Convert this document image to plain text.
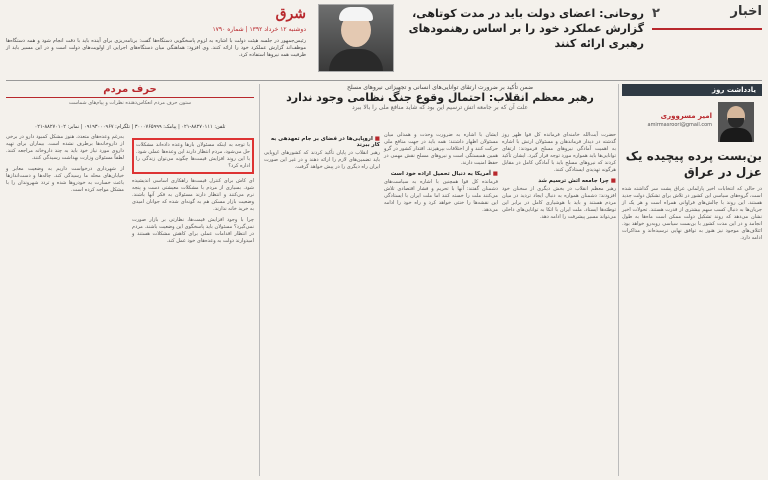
اخبار
۲
روحانی: اعضای دولت باید در مدت کوتاهی، گزارش عملکرد خود را بر اساس رهنمودهای رهبری ارائه کنند
شرق
دوشنبه ۱۲ خرداد ۱۳۹۲ | شماره ۱۷۹۰
رئیس‌جمهور در جلسه هیئت دولت با اشاره به لزوم پاسخگویی دستگاه‌ها گفت: برنامه‌ریزی برای آینده باید با دقت انجام شود و همه دستگاه‌ها موظف‌اند گزارش عملکرد خود را ارائه کنند. وی افزود: هماهنگی میان دستگاه‌های اجرایی از اولویت‌های دولت است و در این مسیر باید از ظرفیت همه نیروها استفاده کرد.
یادداشت روز
امیر مسرووری
amirmasroori@gmail.com
بن‌بست پرده پیچیده یک عزل در عراق
در حالی که انتخابات اخیر پارلمانی عراق پشت سر گذاشته شده است، گروه‌های سیاسی این کشور در تلاش برای تشکیل دولت جدید هستند. این روند با چالش‌های فراوانی همراه است و هر یک از جریان‌ها به دنبال کسب سهم بیشتری از قدرت هستند. تحولات اخیر نشان می‌دهد که روند تشکیل دولت ممکن است ماه‌ها به طول انجامد و در این مدت کشور با بن‌بست سیاسی روبه‌رو خواهد بود. ائتلاف‌های موجود نیز هنوز به توافق نهایی نرسیده‌اند و مذاکرات ادامه دارد.
ضمن تأکید بر ضرورت ارتقای توانایی‌های انسانی و تجهیزاتی نیروهای مسلح
رهبر معظم انقلاب: احتمال وقوع جنگ نظامی وجود ندارد
علت آن که بر جامعه اتش ترسیم این بود که شاید منافع ملی را بالا ببرد
حضرت آیت‌الله خامنه‌ای فرمانده کل قوا ظهر روز گذشته در دیدار فرماندهان و مسئولان ارتش با اشاره به اهمیت آمادگی نیروهای مسلح فرمودند: ارتقای توانایی‌ها باید همواره مورد توجه قرار گیرد. ایشان تأکید کردند که نیروهای مسلح باید با آمادگی کامل در مقابل هرگونه تهدیدی ایستادگی کنند.
■ چرا جامعه اتش ترسیم شد
رهبر معظم انقلاب در بخش دیگری از سخنان خود افزودند: دشمنان همواره به دنبال ایجاد تردید در میان مردم هستند و باید با هوشیاری کامل در برابر این توطئه‌ها ایستاد. ملت ایران با اتکا به توانایی‌های داخلی می‌تواند مسیر پیشرفت را ادامه دهد.
ایشان با اشاره به ضرورت وحدت و همدلی میان مسئولان اظهار داشتند: همه باید در جهت منافع ملی حرکت کنند و از اختلافات بپرهیزند. اقتدار کشور در گرو همین همبستگی است و نیروهای مسلح نقش مهمی در حفظ امنیت دارند.
■ آمریکا به دنبال تحمیل اراده خود است
فرمانده کل قوا همچنین با اشاره به سیاست‌های دشمنان گفتند: آنها با تحریم و فشار اقتصادی تلاش می‌کنند ملت را خسته کنند اما ملت ایران با ایستادگی این نقشه‌ها را خنثی خواهد کرد و راه خود را ادامه می‌دهد.
■ اروپایی‌ها در فضای بر جام تعهدهی به کار ببرند
رهبر انقلاب در پایان تأکید کردند که کشورهای اروپایی باید تضمین‌های لازم را ارائه دهند و در غیر این صورت ایران راه دیگری را در پیش خواهد گرفت.
حرف مردم
ستون حرف مردم انعکاس‌دهنده نظرات و پیام‌های شماست
تلفن: ۸۸۲۷۰۱۱۱-۰۲۱ | پیامک: ۳۰۰۰۷۶۵۹۹۹ | تلگرام: ۰۹۱۹۳۰۰۰۹۶۷ | نمابر: ۸۸۲۷۰۱۰۲-۰۲۱
با توجه به اینکه مسئولان بارها وعده داده‌اند مشکلات حل می‌شود، مردم انتظار دارند این وعده‌ها عملی شود. با این روند افزایش قیمت‌ها چگونه می‌توان زندگی را اداره کرد؟
ای کاش برای کنترل قیمت‌ها راهکاری اساسی اندیشیده شود. بسیاری از مردم با مشکلات معیشتی دست و پنجه نرم می‌کنند و انتظار دارند مسئولان به فکر آنها باشند. وضعیت بازار مسکن هم به گونه‌ای شده که جوانان امیدی به خرید خانه ندارند.
چرا با وجود افزایش قیمت‌ها، نظارتی بر بازار صورت نمی‌گیرد؟ مسئولان باید پاسخگوی این وضعیت باشند. مردم در انتظار اقدامات عملی برای کاهش مشکلات هستند و امیدوارند دولت به وعده‌های خود عمل کند.
به‌رغم وعده‌های متعدد، هنوز مشکل کمبود دارو در برخی از داروخانه‌ها برطرف نشده است. بیماران برای تهیه داروی مورد نیاز خود باید به چند داروخانه مراجعه کنند. لطفاً مسئولان وزارت بهداشت رسیدگی کنند.
از شهرداری درخواست داریم به وضعیت معابر و خیابان‌های محله ما رسیدگی کند. چاله‌ها و دست‌اندازها باعث خسارت به خودروها شده و تردد شهروندان را با مشکل مواجه کرده است.
